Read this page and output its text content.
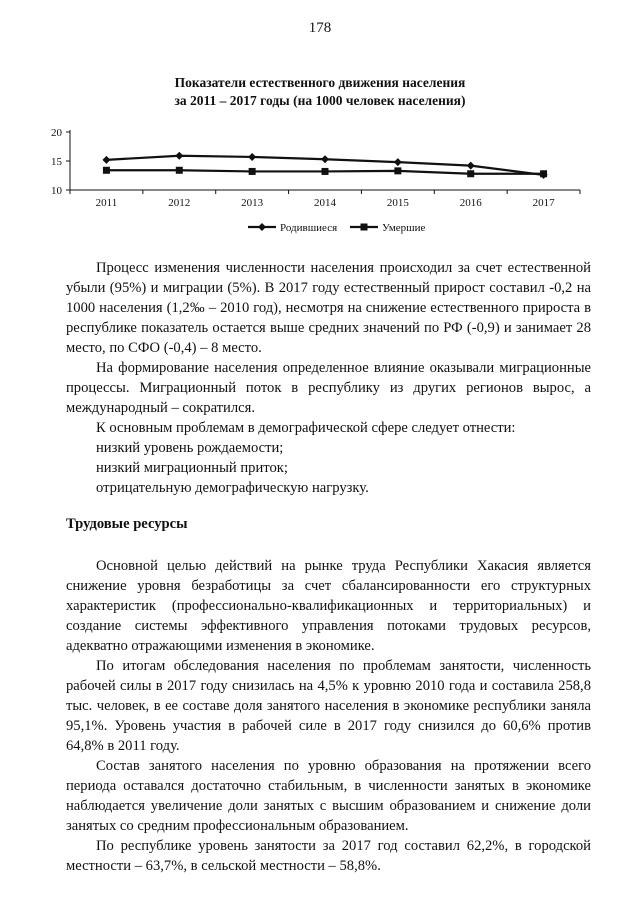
178
Показатели естественного движения населения
за 2011 – 2017 годы (на 1000 человек населения)
10
15
20
2011	2012	2013	2014	2015	2016	2017
Родившиеся	Умершие

Процесс изменения численности населения происходил за счет естественной убыли (95%) и миграции (5%). В 2017 году естественный прирост составил -0,2 на 1000 населения (1,2‰ – 2010 год), несмотря на снижение естественного прироста в республике показатель остается выше средних значений по РФ (-0,9) и занимает 28 место, по СФО (-0,4) – 8 место.

На формирование населения определенное влияние оказывали миграционные процессы. Миграционный поток в республику из других регионов вырос, а международный – сократился.

К основным проблемам в демографической сфере следует отнести:

низкий уровень рождаемости;

низкий миграционный приток;

отрицательную демографическую нагрузку.

Трудовые ресурсы

Основной целью действий на рынке труда Республики Хакасия является снижение уровня безработицы за счет сбалансированности его структурных характеристик (профессионально-квалификационных и территориальных) и создание системы эффективного управления потоками трудовых ресурсов, адекватно отражающими изменения в экономике.

По итогам обследования населения по проблемам занятости, численность рабочей силы в 2017 году снизилась на 4,5% к уровню 2010 года и составила 258,8 тыс. человек, в ее составе доля занятого населения в экономике республики заняла 95,1%. Уровень участия в рабочей силе в 2017 году снизился до 60,6% против 64,8% в 2011 году.

Состав занятого населения по уровню образования на протяжении всего периода оставался достаточно стабильным, в численности занятых в экономике наблюдается увеличение доли занятых с высшим образованием и снижение доли занятых со средним профессиональным образованием.

По республике уровень занятости за 2017 год составил 62,2%, в городской местности – 63,7%, в сельской местности – 58,8%.
